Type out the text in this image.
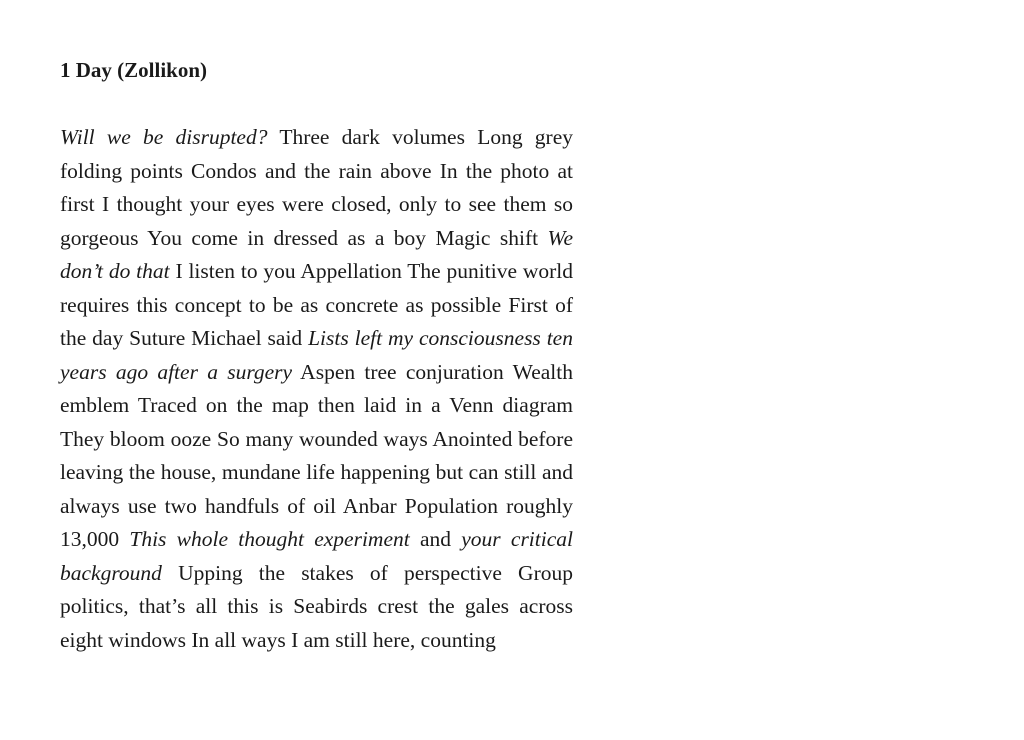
1 Day (Zollikon)

Will we be disrupted? Three dark volumes Long grey folding points Condos and the rain above In the photo at first I thought your eyes were closed, only to see them so gorgeous You come in dressed as a boy Magic shift We don’t do that I listen to you Appellation The punitive world requires this concept to be as concrete as possible First of the day Suture Michael said Lists left my consciousness ten years ago after a surgery Aspen tree conjuration Wealth emblem Traced on the map then laid in a Venn diagram They bloom ooze So many wounded ways Anointed before leaving the house, mundane life happening but can still and always use two handfuls of oil Anbar Population roughly 13,000 This whole thought experiment and your critical background Upping the stakes of perspective Group politics, that’s all this is Seabirds crest the gales across eight windows In all ways I am still here, counting
